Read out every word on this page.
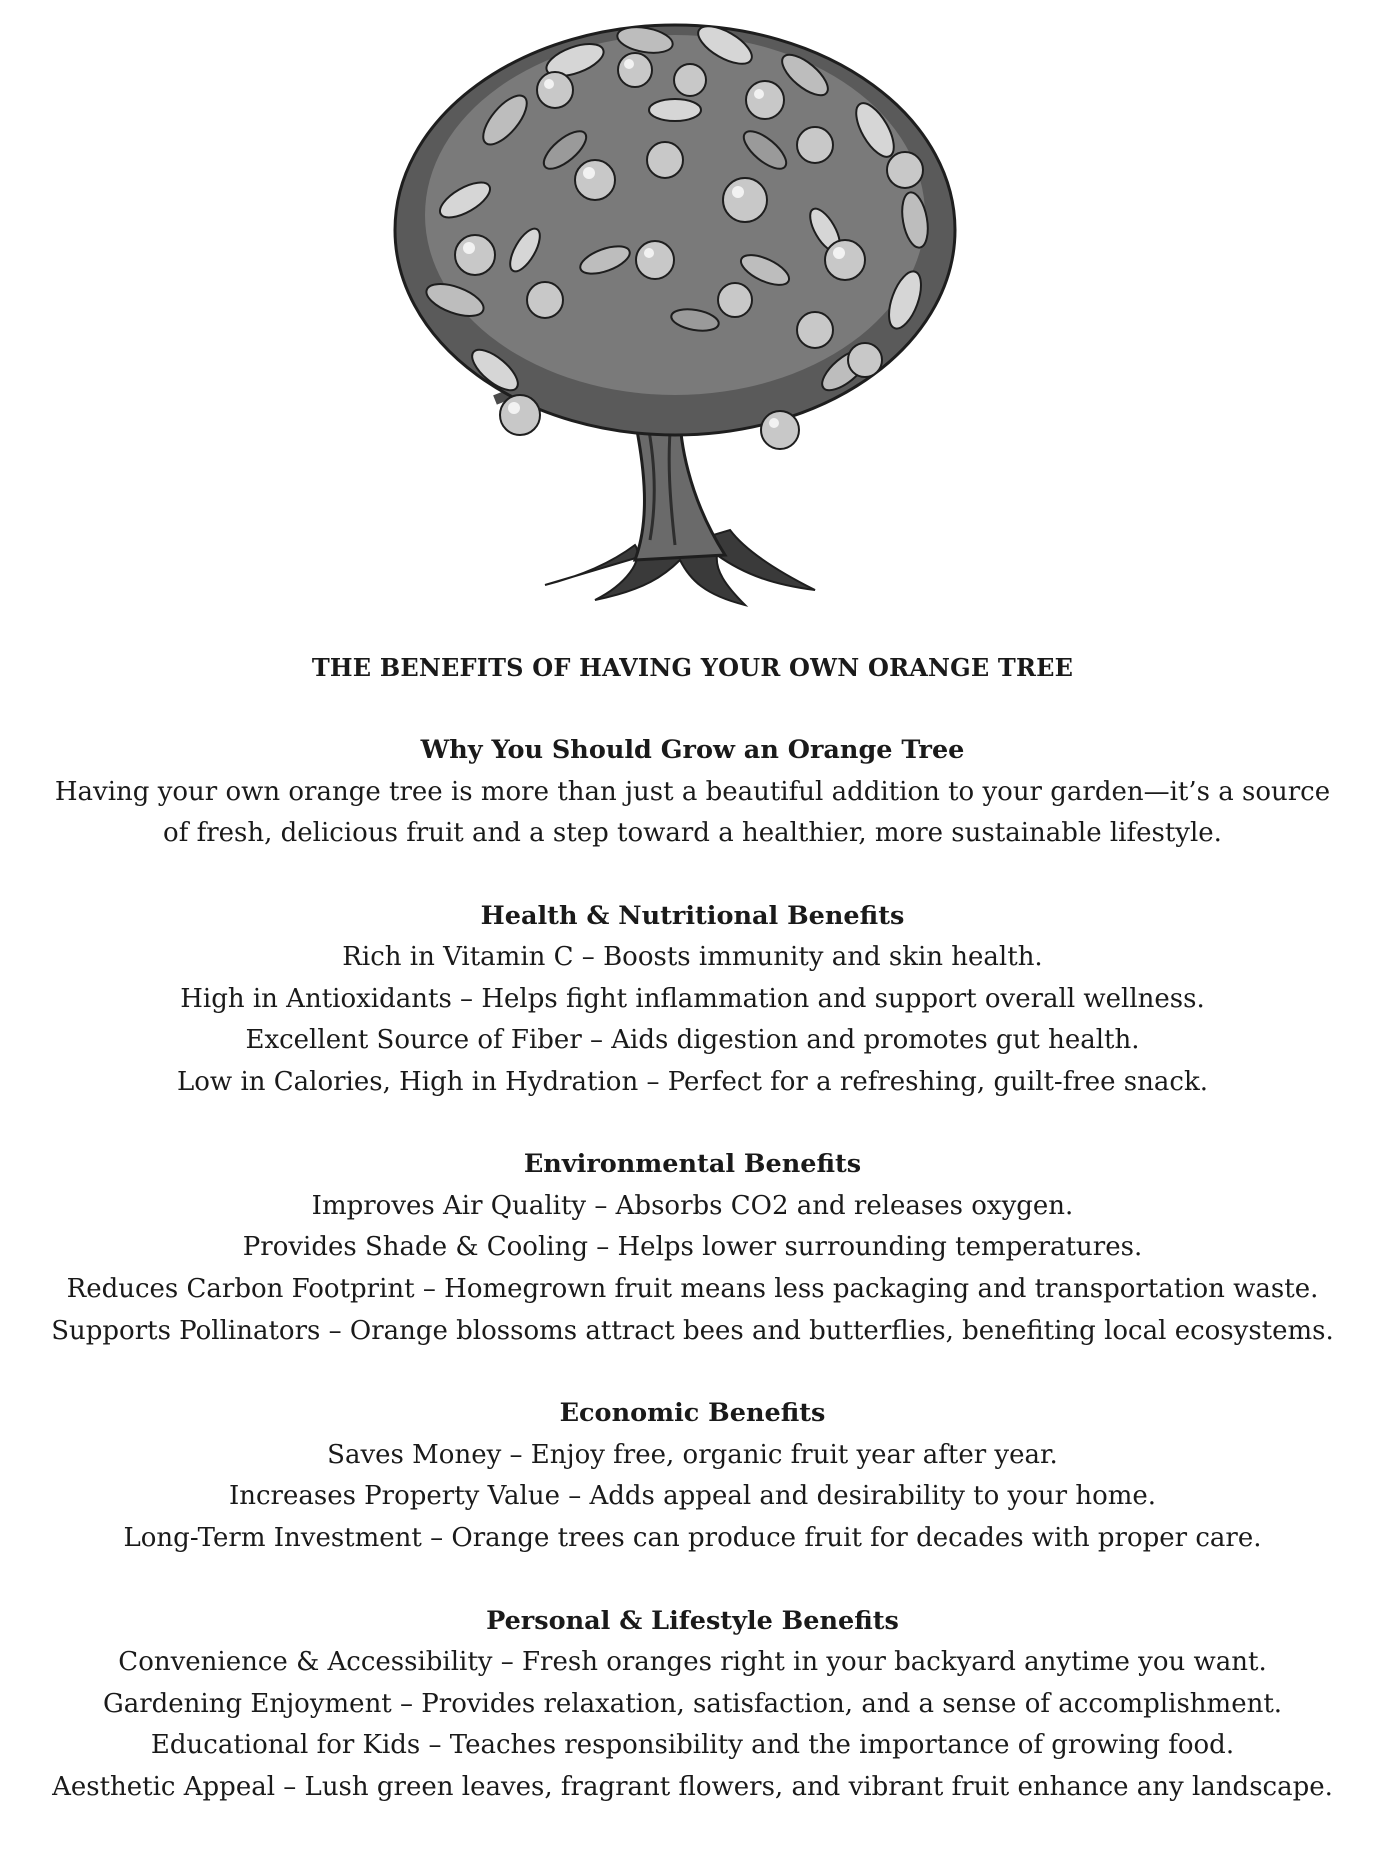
THE BENEFITS OF HAVING YOUR OWN ORANGE TREE
Why You Should Grow an Orange Tree
Having your own orange tree is more than just a beautiful addition to your garden—it’s a source
of fresh, delicious fruit and a step toward a healthier, more sustainable lifestyle.
Health & Nutritional Benefits
Rich in Vitamin C – Boosts immunity and skin health.
High in Antioxidants – Helps fight inflammation and support overall wellness.
Excellent Source of Fiber – Aids digestion and promotes gut health.
Low in Calories, High in Hydration – Perfect for a refreshing, guilt-free snack.
Environmental Benefits
Improves Air Quality – Absorbs CO2 and releases oxygen.
Provides Shade & Cooling – Helps lower surrounding temperatures.
Reduces Carbon Footprint – Homegrown fruit means less packaging and transportation waste.
Supports Pollinators – Orange blossoms attract bees and butterflies, benefiting local ecosystems.
Economic Benefits
Saves Money – Enjoy free, organic fruit year after year.
Increases Property Value – Adds appeal and desirability to your home.
Long-Term Investment – Orange trees can produce fruit for decades with proper care.
Personal & Lifestyle Benefits
Convenience & Accessibility – Fresh oranges right in your backyard anytime you want.
Gardening Enjoyment – Provides relaxation, satisfaction, and a sense of accomplishment.
Educational for Kids – Teaches responsibility and the importance of growing food.
Aesthetic Appeal – Lush green leaves, fragrant flowers, and vibrant fruit enhance any landscape.
